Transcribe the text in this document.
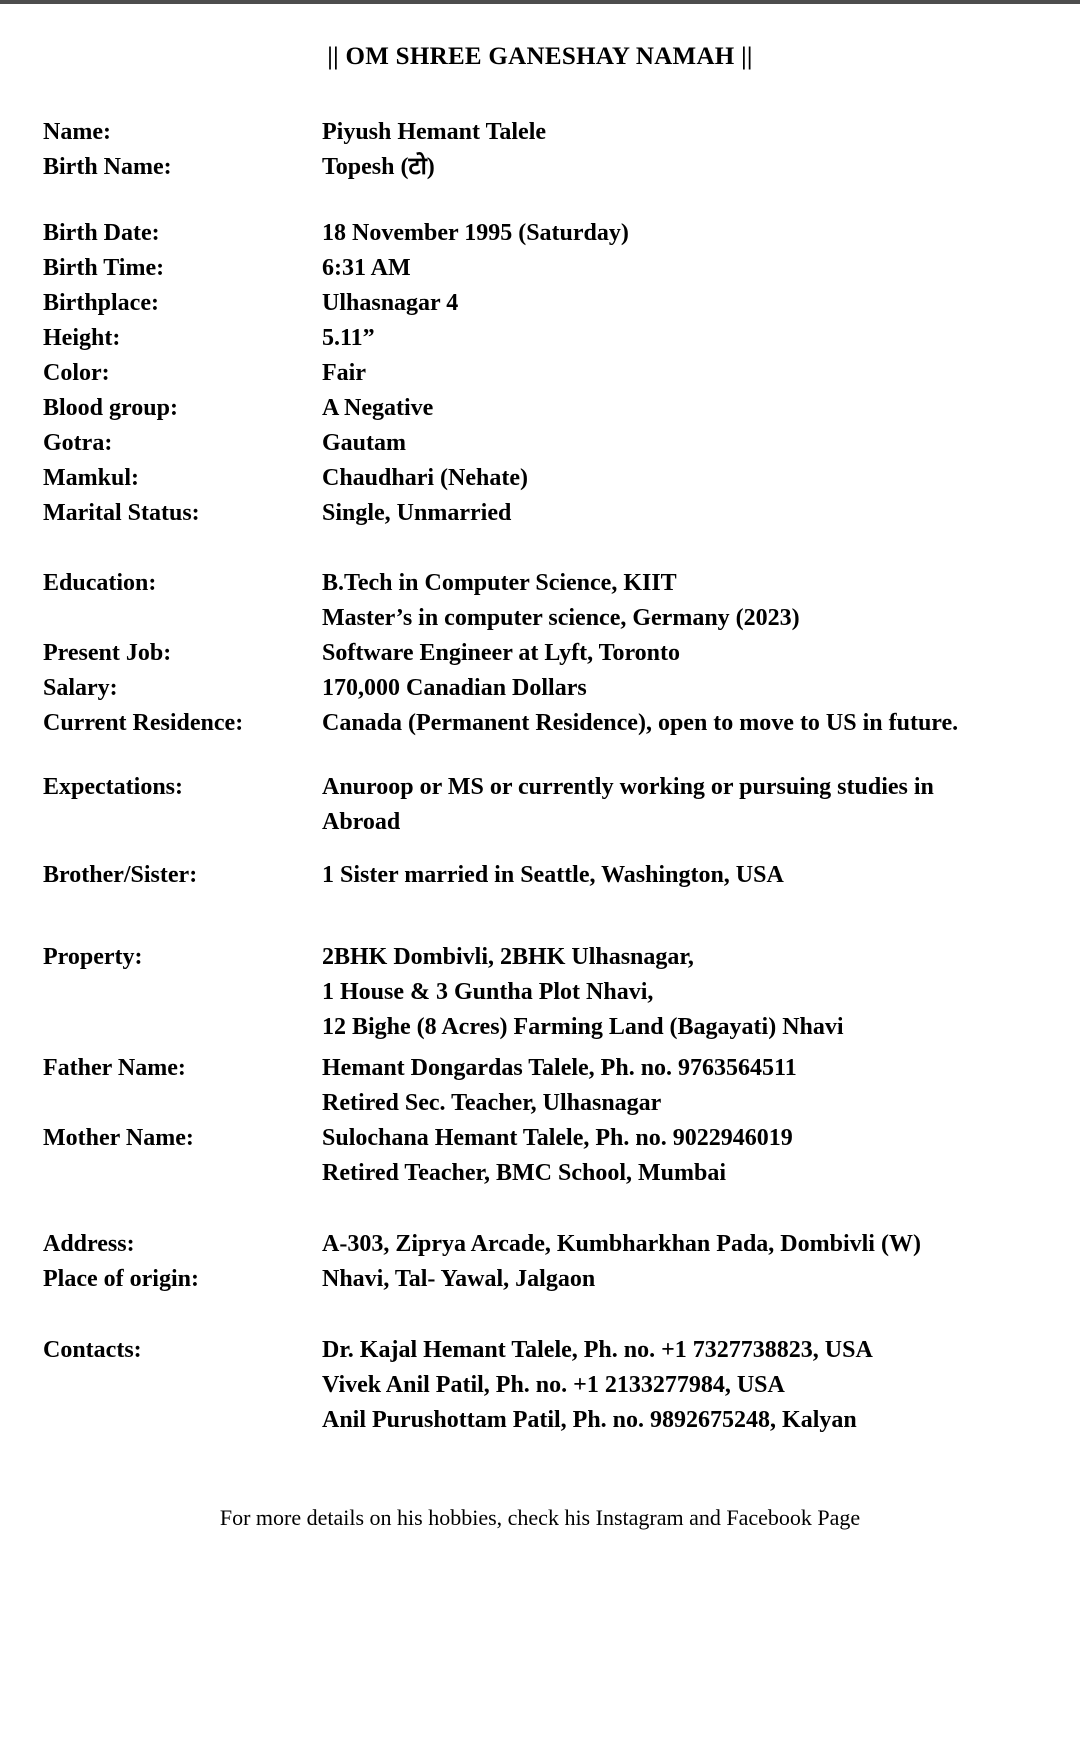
|| OM SHREE GANESHAY NAMAH ||
Name:	Piyush Hemant Talele
Birth Name:	Topesh (टो)
Birth Date:	18 November 1995 (Saturday)
Birth Time:	6:31 AM
Birthplace:	Ulhasnagar 4
Height:	5.11”
Color:	Fair
Blood group:	A Negative
Gotra:	Gautam
Mamkul:	Chaudhari (Nehate)
Marital Status:	Single, Unmarried
Education:	B.Tech in Computer Science, KIIT
Master’s in computer science, Germany (2023)
Present Job:	Software Engineer at Lyft, Toronto
Salary:	170,000 Canadian Dollars
Current Residence:	Canada (Permanent Residence), open to move to US in future.
Expectations:	Anuroop or MS or currently working or pursuing studies in
Abroad
Brother/Sister:	1 Sister married in Seattle, Washington, USA
Property:	2BHK Dombivli, 2BHK Ulhasnagar,
1 House & 3 Guntha Plot Nhavi,
12 Bighe (8 Acres) Farming Land (Bagayati) Nhavi
Father Name:	Hemant Dongardas Talele, Ph. no. 9763564511
Retired Sec. Teacher, Ulhasnagar
Mother Name:	Sulochana Hemant Talele, Ph. no. 9022946019
Retired Teacher, BMC School, Mumbai
Address:	A-303, Ziprya Arcade, Kumbharkhan Pada, Dombivli (W)
Place of origin:	Nhavi, Tal- Yawal, Jalgaon
Contacts:	Dr. Kajal Hemant Talele, Ph. no. +1 7327738823, USA
Vivek Anil Patil, Ph. no. +1 2133277984, USA
Anil Purushottam Patil, Ph. no. 9892675248, Kalyan
For more details on his hobbies, check his Instagram and Facebook Page
